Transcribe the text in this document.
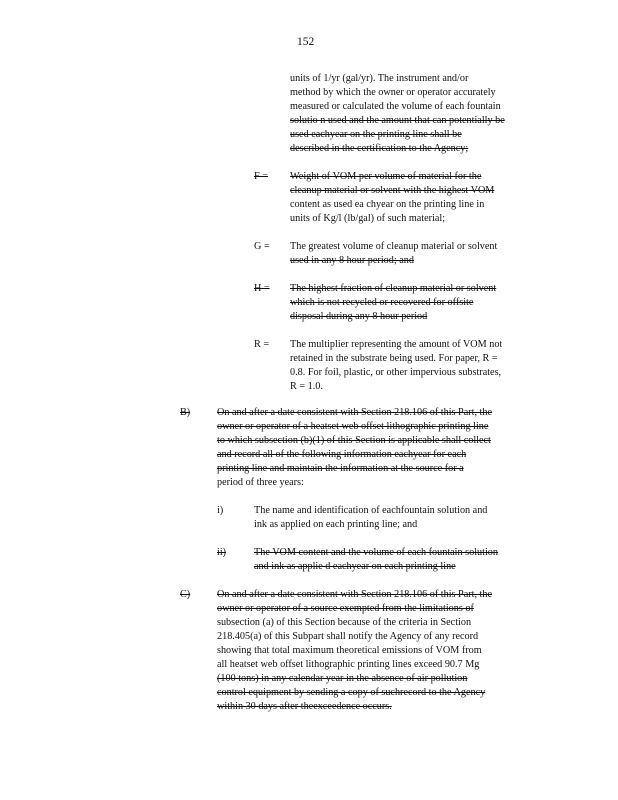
152
units of 1/yr (gal/yr). The instrument and/or
method by which the owner or operator accurately
measured or calculated the volume of each fountain
solutio n used and the amount that can potentially be
used eachyear on the printing line shall be
described in the certification to the Agency;
F = Weight of VOM per volume of material for the
cleanup material or solvent with the highest VOM
content as used ea chyear on the printing line in
units of Kg/l (lb/gal) of such material;
G = The greatest volume of cleanup material or solvent
used in any 8 hour period; and
H = The highest fraction of cleanup material or solvent
which is not recycled or recovered for offsite
disposal during any 8 hour period
R = The multiplier representing the amount of VOM not
retained in the substrate being used. For paper, R =
0.8. For foil, plastic, or other impervious substrates,
R = 1.0.
B)	On and after a date consistent with Section 218.106 of this Part, the
owner or operator of a heatset web offset lithographic printing line
to which subsection (b)(1) of this Section is applicable shall collect
and record all of the following information eachyear for each
printing line and maintain the information at the source for a
period of three years:
i)	The name and identification of eachfountain solution and
ink as applied on each printing line; and
ii)	The VOM content and the volume of each fountain solution
and ink as applie d eachyear on each printing line
C)	On and after a date consistent with Section 218.106 of this Part, the
owner or operator of a source exempted from the limitations of
subsection (a) of this Section because of the criteria in Section
218.405(a) of this Subpart shall notify the Agency of any record
showing that total maximum theoretical emissions of VOM from
all heatset web offset lithographic printing lines exceed 90.7 Mg
(100 tons) in any calendar year in the absence of air pollution
control equipment by sending a copy of suchrecord to the Agency
within 30 days after theexceedence occurs.
